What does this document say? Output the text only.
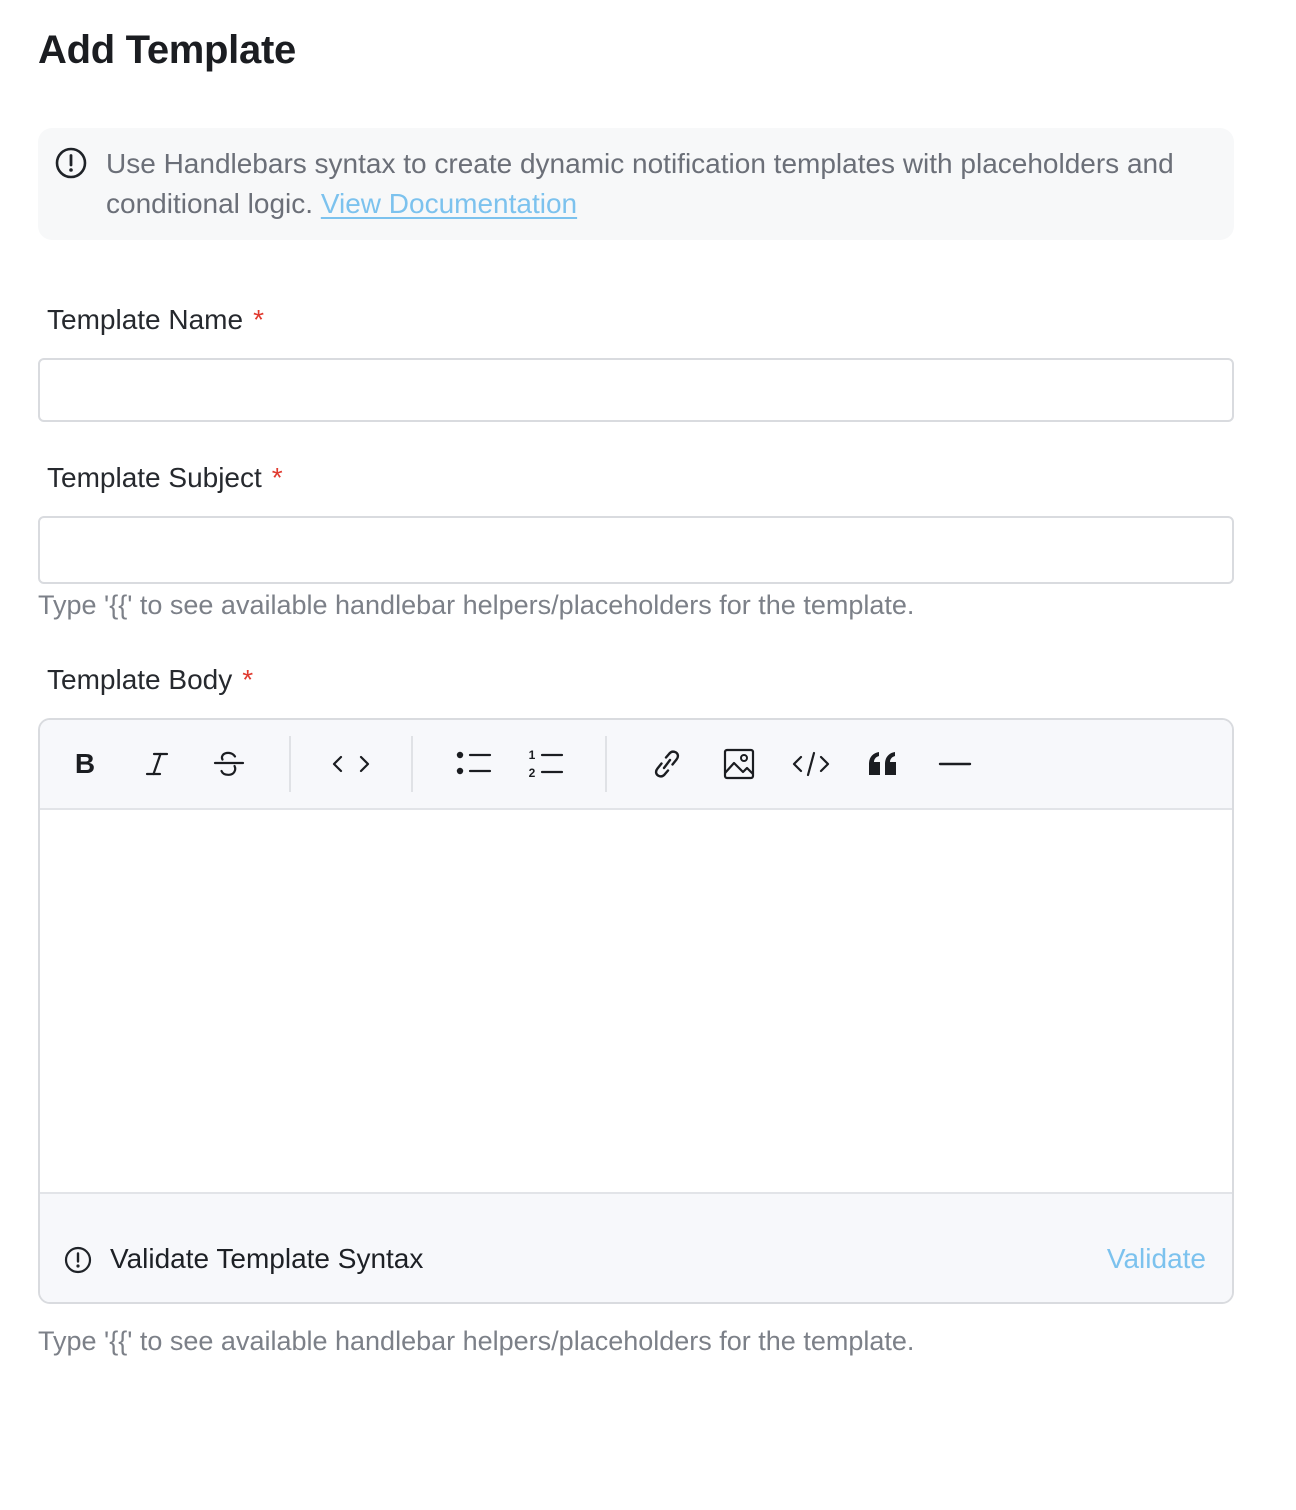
Add Template
Use Handlebars syntax to create dynamic notification templates with placeholders and conditional logic. View Documentation
Template Name *
Template Subject *
Type '{{' to see available handlebar helpers/placeholders for the template.
Template Body *
B	1
2
Validate Template Syntax	Validate
Type '{{' to see available handlebar helpers/placeholders for the template.
